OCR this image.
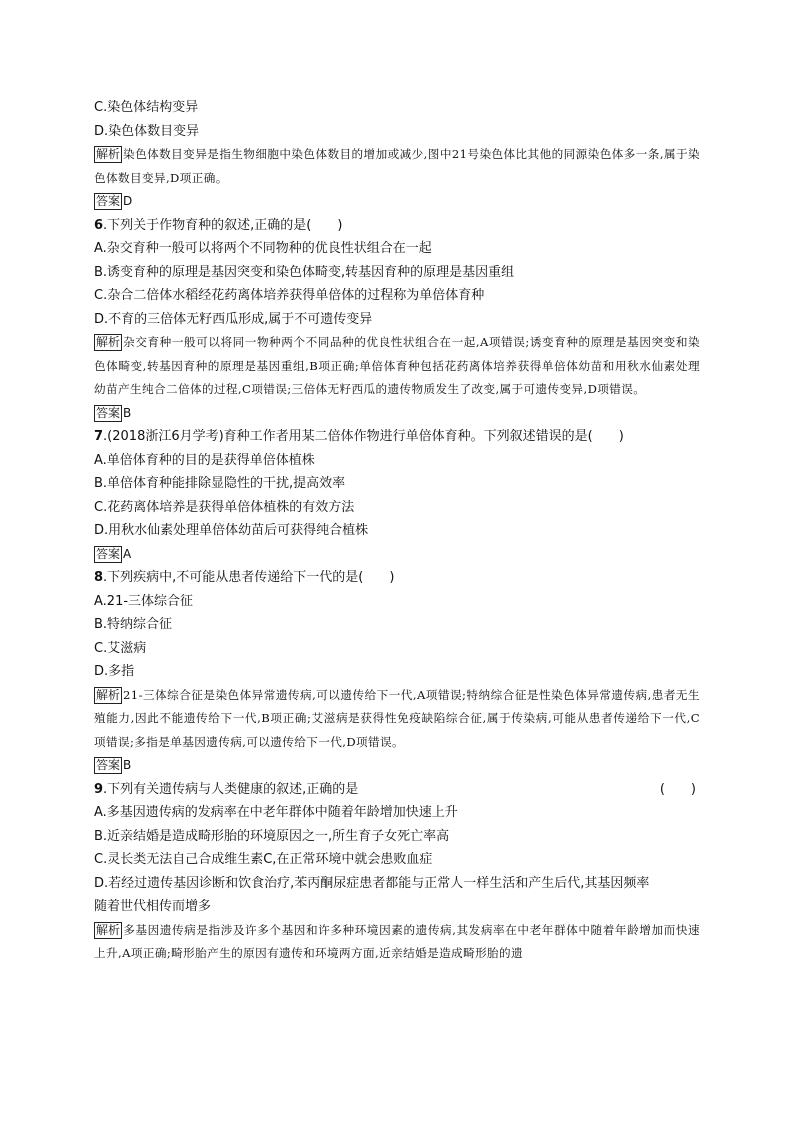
C.染色体结构变异
D.染色体数目变异
解析 染色体数目变异是指生物细胞中染色体数目的增加或减少,图中21号染色体比其他的同源染色体多一条,属于染色体数目变异,D项正确。
答案 D
6.下列关于作物育种的叙述,正确的是(　　)
A.杂交育种一般可以将两个不同物种的优良性状组合在一起
B.诱变育种的原理是基因突变和染色体畸变,转基因育种的原理是基因重组
C.杂合二倍体水稻经花药离体培养获得单倍体的过程称为单倍体育种
D.不育的三倍体无籽西瓜形成,属于不可遗传变异
解析 杂交育种一般可以将同一物种两个不同品种的优良性状组合在一起,A项错误;诱变育种的原理是基因突变和染色体畸变,转基因育种的原理是基因重组,B项正确;单倍体育种包括花药离体培养获得单倍体幼苗和用秋水仙素处理幼苗产生纯合二倍体的过程,C项错误;三倍体无籽西瓜的遗传物质发生了改变,属于可遗传变异,D项错误。
答案 B
7.(2018浙江6月学考)育种工作者用某二倍体作物进行单倍体育种。下列叙述错误的是(　　)
A.单倍体育种的目的是获得单倍体植株
B.单倍体育种能排除显隐性的干扰,提高效率
C.花药离体培养是获得单倍体植株的有效方法
D.用秋水仙素处理单倍体幼苗后可获得纯合植株
答案 A
8.下列疾病中,不可能从患者传递给下一代的是(　　)
A.21-三体综合征
B.特纳综合征
C.艾滋病
D.多指
解析 21-三体综合征是染色体异常遗传病,可以遗传给下一代,A项错误;特纳综合征是性染色体异常遗传病,患者无生殖能力,因此不能遗传给下一代,B项正确;艾滋病是获得性免疫缺陷综合征,属于传染病,可能从患者传递给下一代,C项错误;多指是单基因遗传病,可以遗传给下一代,D项错误。
答案 B
9.下列有关遗传病与人类健康的叙述,正确的是	(　　)
A.多基因遗传病的发病率在中老年群体中随着年龄增加快速上升
B.近亲结婚是造成畸形胎的环境原因之一,所生育子女死亡率高
C.灵长类无法自己合成维生素C,在正常环境中就会患败血症
D.若经过遗传基因诊断和饮食治疗,苯丙酮尿症患者都能与正常人一样生活和产生后代,其基因频率
随着世代相传而增多
解析 多基因遗传病是指涉及许多个基因和许多种环境因素的遗传病,其发病率在中老年群体中随着年龄增加而快速上升,A项正确;畸形胎产生的原因有遗传和环境两方面,近亲结婚是造成畸形胎的遗
